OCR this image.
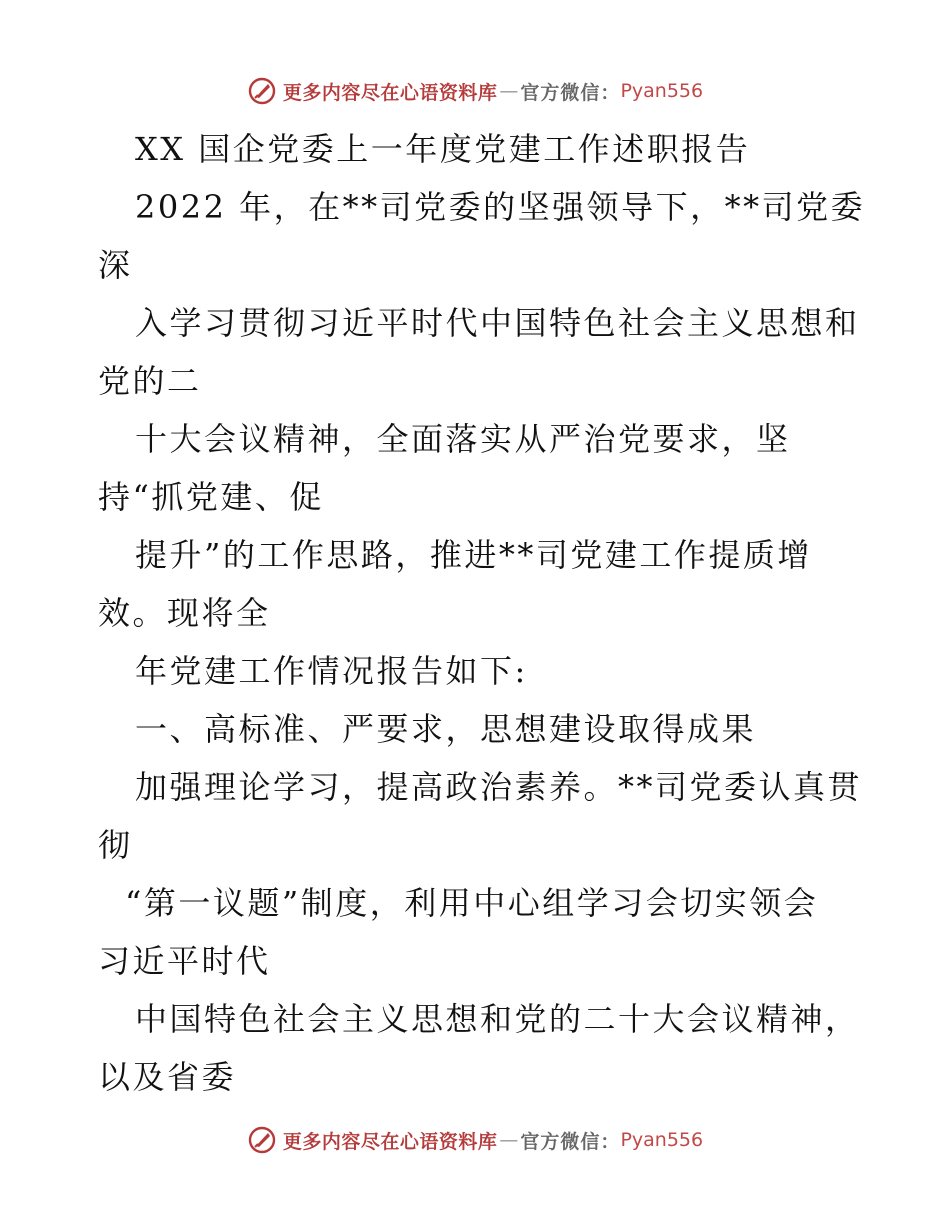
更多内容尽在心语资料库 — 官方微信： Pyan556
XX 国企党委上一年度党建工作述职报告
2022 年，在**司党委的坚强领导下，**司党委
深
入学习贯彻习近平时代中国特色社会主义思想和
党的二
十大会议精神，全面落实从严治党要求，坚
持“抓党建、促
提升”的工作思路，推进**司党建工作提质增
效。现将全
年党建工作情况报告如下:
一、高标准、严要求，思想建设取得成果
加强理论学习，提高政治素养。**司党委认真贯
彻
“第一议题”制度，利用中心组学习会切实领会
习近平时代
中国特色社会主义思想和党的二十大会议精神，
以及省委
更多内容尽在心语资料库 — 官方微信： Pyan556
